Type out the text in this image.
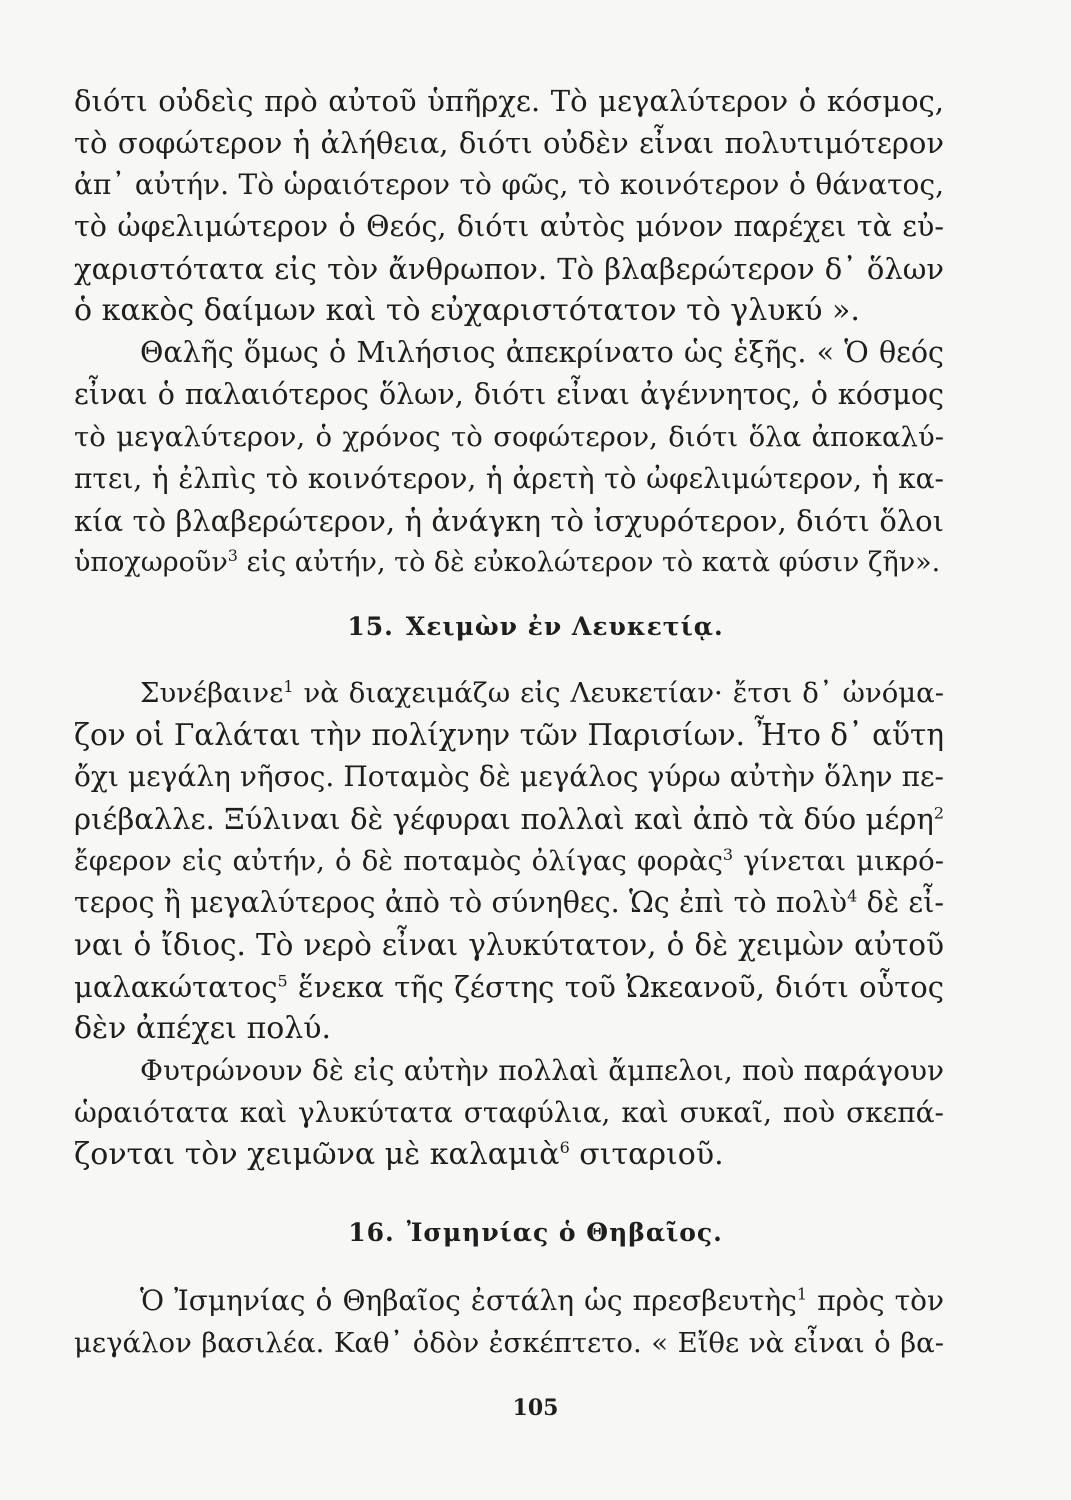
διότι οὐδεὶς πρὸ αὐτοῦ ὑπῆρχε. Τὸ μεγαλύτερον ὁ κόσμος,
τὸ σοφώτερον ἡ ἀλήθεια, διότι οὐδὲν εἶναι πολυτιμότερον
ἀπ᾽ αὐτήν. Τὸ ὡραιότερον τὸ φῶς, τὸ κοινότερον ὁ θάνατος,
τὸ ὠφελιμώτερον ὁ Θεός, διότι αὐτὸς μόνον παρέχει τὰ εὐ-
χαριστότατα εἰς τὸν ἄνθρωπον. Τὸ βλαβερώτερον δ᾽ ὅλων
ὁ κακὸς δαίμων καὶ τὸ εὐχαριστότατον τὸ γλυκύ ».
Θαλῆς ὅμως ὁ Μιλήσιος ἀπεκρίνατο ὡς ἑξῆς. « Ὁ θεός
εἶναι ὁ παλαιότερος ὅλων, διότι εἶναι ἀγέννητος, ὁ κόσμος
τὸ μεγαλύτερον, ὁ χρόνος τὸ σοφώτερον, διότι ὅλα ἀποκαλύ-
πτει, ἡ ἐλπὶς τὸ κοινότερον, ἡ ἀρετὴ τὸ ὠφελιμώτερον, ἡ κα-
κία τὸ βλαβερώτερον, ἡ ἀνάγκη τὸ ἰσχυρότερον, διότι ὅλοι
ὑποχωροῦν$^3$ εἰς αὐτήν, τὸ δὲ εὐκολώτερον τὸ κατὰ φύσιν ζῆν».
15. Χειμὼν ἐν Λευκετίᾳ.
Συνέβαινε$^1$ νὰ διαχειμάζω εἰς Λευκετίαν· ἔτσι δ᾽ ὠνόμα-
ζον οἱ Γαλάται τὴν πολίχνην τῶν Παρισίων. Ἦτο δ᾽ αὕτη
ὄχι μεγάλη νῆσος. Ποταμὸς δὲ μεγάλος γύρω αὐτὴν ὅλην πε-
ριέβαλλε. Ξύλιναι δὲ γέφυραι πολλαὶ καὶ ἀπὸ τὰ δύο μέρη$^2$
ἔφερον εἰς αὐτήν, ὁ δὲ ποταμὸς ὀλίγας φορὰς$^3$ γίνεται μικρό-
τερος ἢ μεγαλύτερος ἀπὸ τὸ σύνηθες. Ὡς ἐπὶ τὸ πολὺ$^4$ δὲ εἶ-
ναι ὁ ἴδιος. Τὸ νερὸ εἶναι γλυκύτατον, ὁ δὲ χειμὼν αὐτοῦ
μαλακώτατος$^5$ ἕνεκα τῆς ζέστης τοῦ Ὠκεανοῦ, διότι οὗτος
δὲν ἀπέχει πολύ.
Φυτρώνουν δὲ εἰς αὐτὴν πολλαὶ ἄμπελοι, ποὺ παράγουν
ὡραιότατα καὶ γλυκύτατα σταφύλια, καὶ συκαῖ, ποὺ σκεπά-
ζονται τὸν χειμῶνα μὲ καλαμιὰ$^6$ σιταριοῦ.
16. Ἰσμηνίας ὁ Θηβαῖος.
Ὁ Ἰσμηνίας ὁ Θηβαῖος ἐστάλη ὡς πρεσβευτὴς$^1$ πρὸς τὸν
μεγάλον βασιλέα. Καθ᾽ ὁδὸν ἐσκέπτετο. « Εἴθε νὰ εἶναι ὁ βα-
105
